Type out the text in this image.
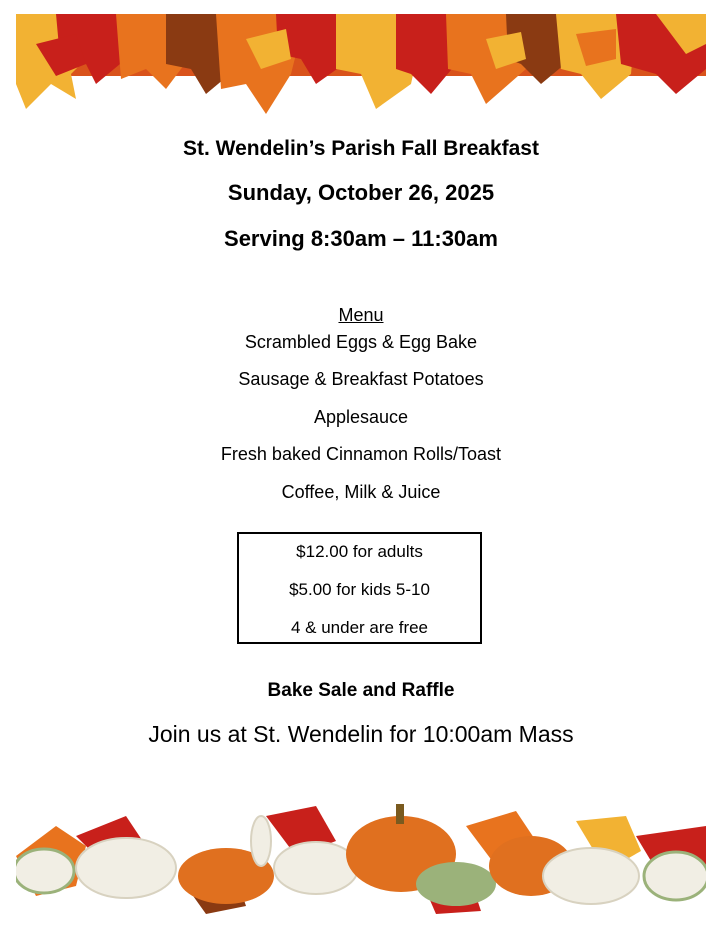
St. Wendelin’s Parish Fall Breakfast
Sunday, October 26, 2025
Serving 8:30am – 11:30am
Menu
Scrambled Eggs & Egg Bake
Sausage & Breakfast Potatoes
Applesauce
Fresh baked Cinnamon Rolls/Toast
Coffee, Milk & Juice
$12.00 for adults
$5.00 for kids 5-10
4 & under are free
Bake Sale and Raffle
Join us at St. Wendelin for 10:00am Mass
